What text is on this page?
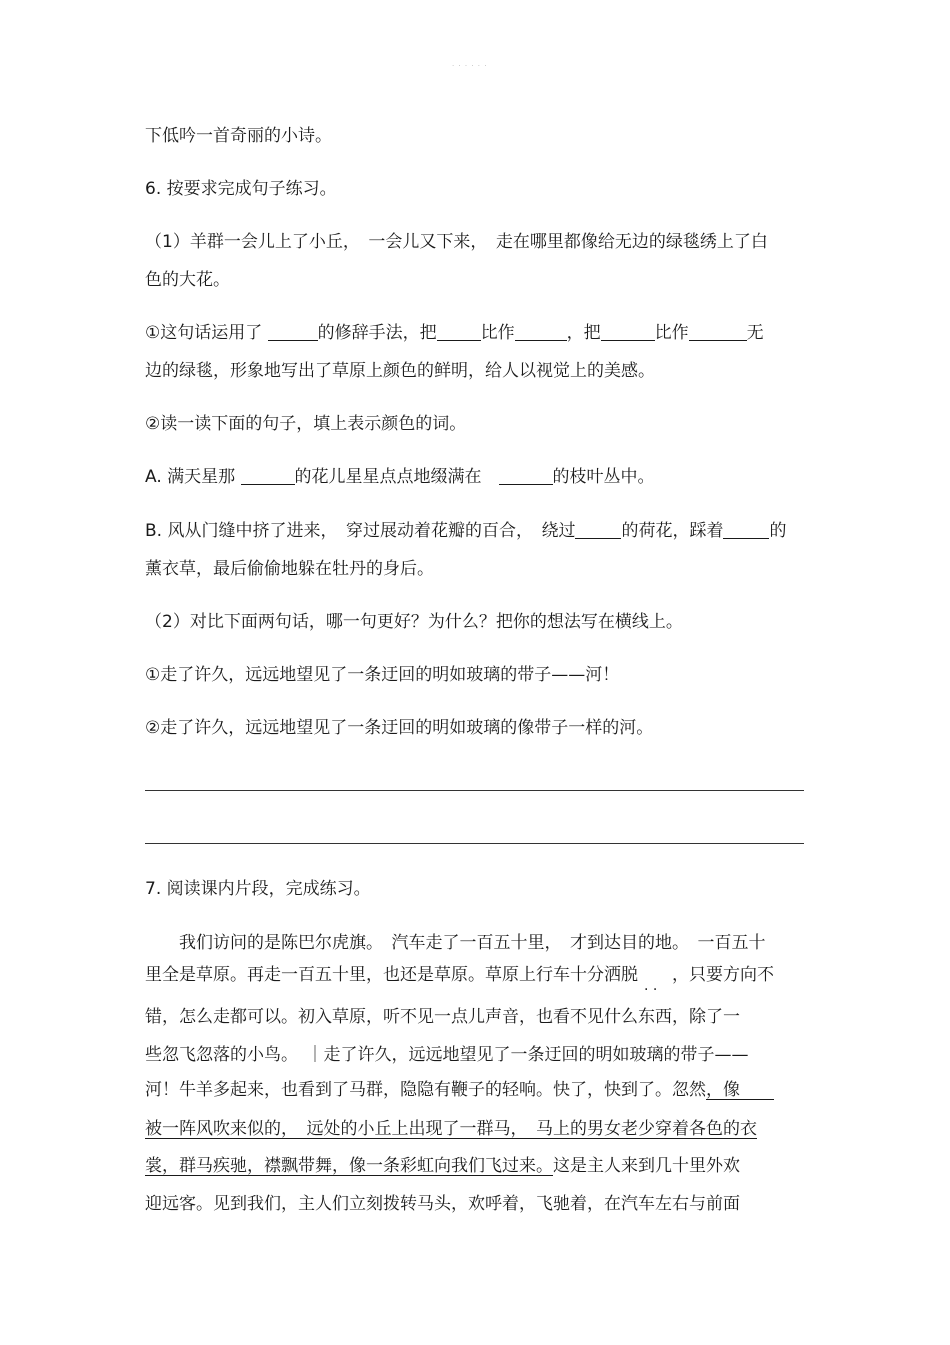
· · · · · ·
下低吟一首奇丽的小诗。
6. 按要求完成句子练习。
（1）羊群一会儿上了小丘，　一会儿又下来，　走在哪里都像给无边的绿毯绣上了白
色的大花。
①这句话运用了	的修辞手法，把	比作	，把	比作	无
边的绿毯，形象地写出了草原上颜色的鲜明，给人以视觉上的美感。
②读一读下面的句子，填上表示颜色的词。
A. 满天星那	的花儿星星点点地缀满在　	的枝叶丛中。
B. 风从门缝中挤了进来，　穿过展动着花瓣的百合，　绕过	的荷花，踩着	的
薰衣草，最后偷偷地躲在牡丹的身后。
（2）对比下面两句话，哪一句更好？为什么？把你的想法写在横线上。
①走了许久，远远地望见了一条迂回的明如玻璃的带子——河！
②走了许久，远远地望见了一条迂回的明如玻璃的像带子一样的河。
7. 阅读课内片段，完成练习。
　　我们访问的是陈巴尔虎旗。　汽车走了一百五十里，　才到达目的地。　一百五十
里全是草原。再走一百五十里，也还是草原。草原上行车十分洒脱　　，只要方向不 · ·
错，怎么走都可以。初入草原，听不见一点儿声音，也看不见什么东西，除了一
些忽飞忽落的小鸟。　｜走了许久，远远地望见了一条迂回的明如玻璃的带子——
河！牛羊多起来，也看到了马群，隐隐有鞭子的轻响。快了，快到了。忽然，像　　
被一阵风吹来似的，　远处的小丘上出现了一群马，　马上的男女老少穿着各色的衣
裳，群马疾驰，襟飘带舞，像一条彩虹向我们飞过来。这是主人来到几十里外欢
迎远客。见到我们，主人们立刻拨转马头，欢呼着，飞驰着，在汽车左右与前面
